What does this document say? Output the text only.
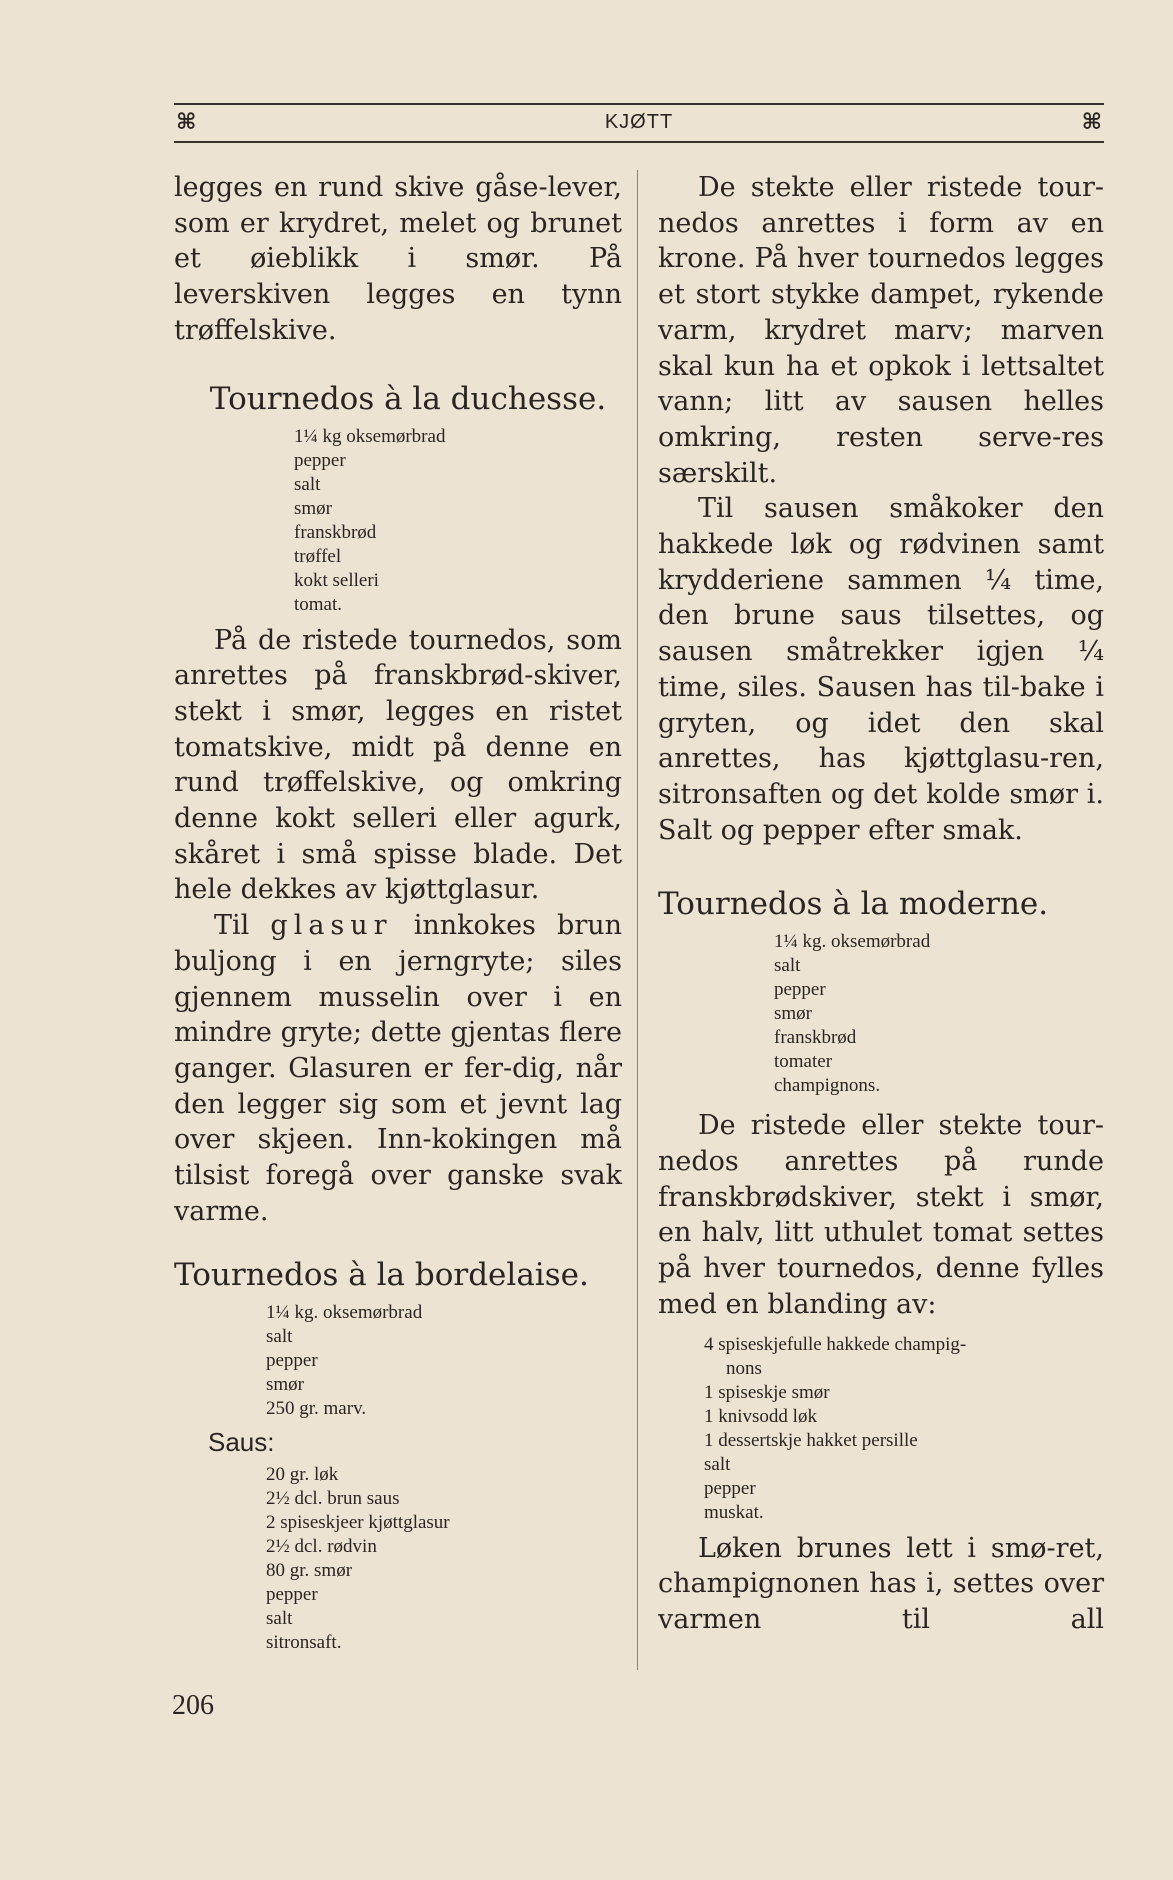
⌘	KJØTT	⌘

legges en rund skive gåse-lever, som er krydret, melet og brunet et øieblikk i smør. På leverskiven legges en tynn trøffelskive.

Tournedos à la duchesse.
1¼ kg oksemørbrad
pepper
salt
smør
franskbrød
trøffel
kokt selleri
tomat.

På de ristede tournedos, som anrettes på franskbrød-skiver, stekt i smør, legges en ristet tomatskive, midt på denne en rund trøffelskive, og omkring denne kokt selleri eller agurk, skåret i små spisse blade. Det hele dekkes av kjøttglasur.

Til glasur innkokes brun buljong i en jerngryte; siles gjennem musselin over i en mindre gryte; dette gjentas flere ganger. Glasuren er fer-dig, når den legger sig som et jevnt lag over skjeen. Inn-kokingen må tilsist foregå over ganske svak varme.

Tournedos à la bordelaise.
1¼ kg. oksemørbrad
salt
pepper
smør
250 gr. marv.
Saus:
20 gr. løk
2½ dcl. brun saus
2 spiseskjeer kjøttglasur
2½ dcl. rødvin
80 gr. smør
pepper
salt
sitronsaft.

De stekte eller ristede tour-nedos anrettes i form av en krone. På hver tournedos legges et stort stykke dampet, rykende varm, krydret marv; marven skal kun ha et opkok i lettsaltet vann; litt av sausen helles omkring, resten serve-res særskilt.

Til sausen småkoker den hakkede løk og rødvinen samt krydderiene sammen ¼ time, den brune saus tilsettes, og sausen småtrekker igjen ¼ time, siles. Sausen has til-bake i gryten, og idet den skal anrettes, has kjøttglasu-ren, sitronsaften og det kolde smør i. Salt og pepper efter smak.

Tournedos à la moderne.
1¼ kg. oksemørbrad
salt
pepper
smør
franskbrød
tomater
champignons.

De ristede eller stekte tour-nedos anrettes på runde franskbrødskiver, stekt i smør, en halv, litt uthulet tomat settes på hver tournedos, denne fylles med en blanding av:

4 spiseskjefulle hakkede champig-
nons
1 spiseskje smør
1 knivsodd løk
1 dessertskje hakket persille
salt
pepper
muskat.

Løken brunes lett i smø-ret, champignonen has i, settes over varmen til all

206
